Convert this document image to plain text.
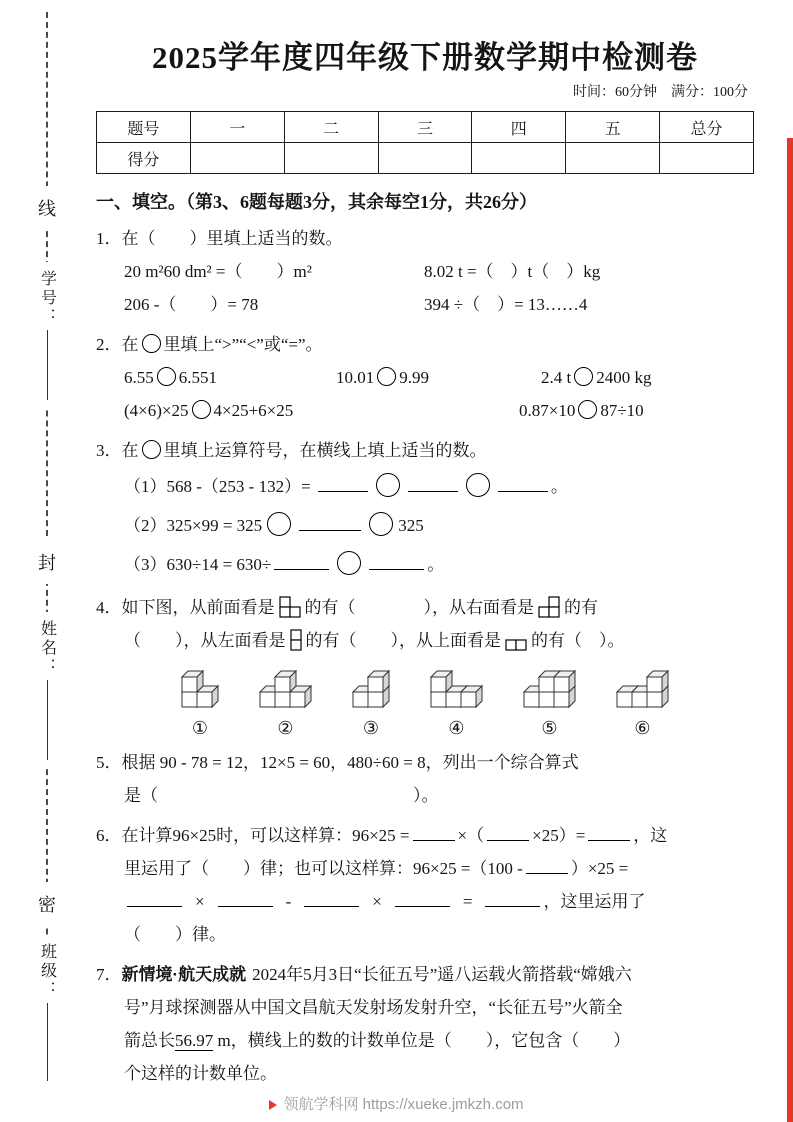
线
学号：
封
姓名：
密
班级：
2025学年度四年级下册数学期中检测卷
时间：60分钟　满分：100分
题号	一	二	三	四	五	总分
得分						
一、填空。（第3、6题每题3分，其余每空1分，共26分）
1．在（　　）里填上适当的数。
20 m²60 dm² =（　　）m²	8.02 t =（　）t（　）kg
206 -（　　）= 78	394 ÷（　）= 13……4
2．在 里填上“>”“<”或“=”。
6.55 6.551	10.01 9.99	2.4 t 2400 kg
(4×6)×25 4×25+6×25	0.87×10 87÷10
3．在 里填上运算符号，在横线上填上适当的数。
（1）568 -（253 - 132）=	。
（2）325×99 = 325	325
（3）630÷14 = 630÷	。
4．如下图，从前面看是 的有（　　　　），从右面看是 的有
（　　），从左面看是 的有（　　），从上面看是 的有（　）。
①	②	③	④	⑤	⑥
5．根据 90 - 78 = 12，12×5 = 60，480÷60 = 8，列出一个综合算式
是（　　　　　　　　　　　　　　　）。
6．在计算96×25时，可以这样算：96×25 =	×（	×25）=	，这
里运用了（　　）律；也可以这样算：96×25 =（100 -	）×25 =
×	-	×	=	，这里运用了
（　　）律。
7．新情境·航天成就 2024年5月3日“长征五号”遥八运载火箭搭载“嫦娥六
号”月球探测器从中国文昌航天发射场发射升空，“长征五号”火箭全
箭总长56.97 m，横线上的数的计数单位是（　　），它包含（　　）
个这样的计数单位。
领航学科网 https://xueke.jmkzh.com
